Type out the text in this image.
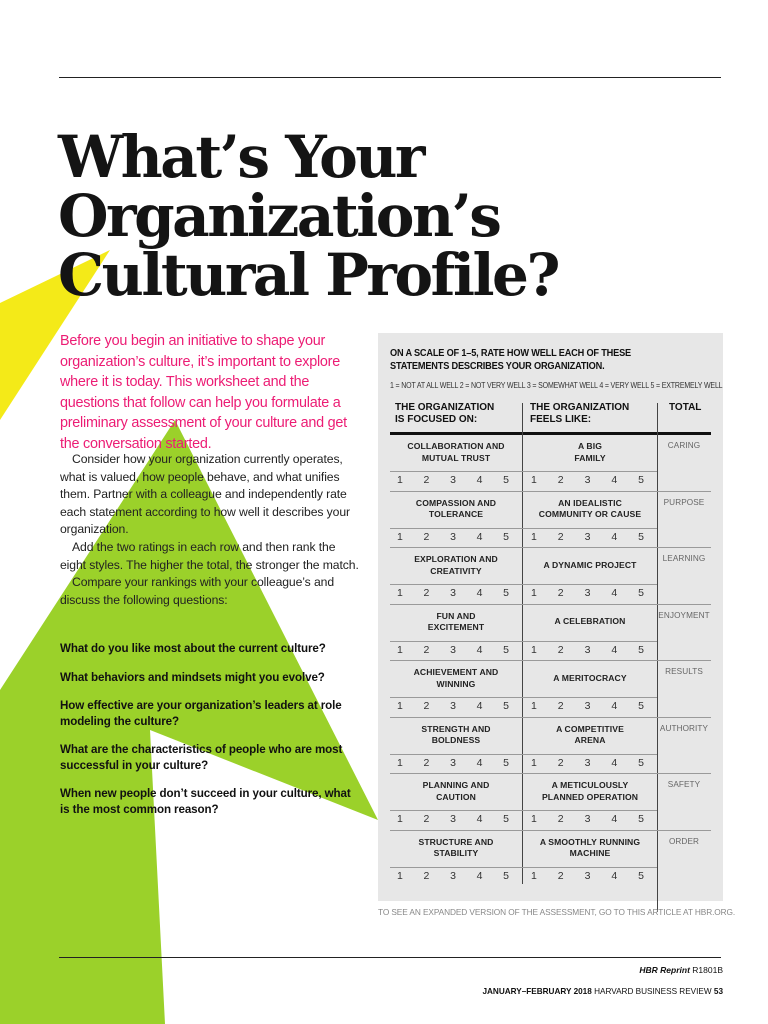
What’s Your
Organization’s
Cultural Profile?

Before you begin an initiative to shape your organization’s culture, it’s important to explore where it is today. This worksheet and the questions that follow can help you formulate a preliminary assessment of your culture and get the conversation started.

Consider how your organization currently operates, what is valued, how people behave, and what unifies them. Partner with a colleague and independently rate each statement according to how well it describes your organization.

Add the two ratings in each row and then rank the eight styles. The higher the total, the stronger the match.

Compare your rankings with your colleague’s and discuss the following questions:

What do you like most about the current culture?

What behaviors and mindsets might you evolve?

How effective are your organization’s leaders at role modeling the culture?

What are the characteristics of people who are most successful in your culture?

When new people don’t succeed in your culture, what is the most common reason?

ON A SCALE OF 1–5, RATE HOW WELL EACH OF THESE STATEMENTS DESCRIBES YOUR ORGANIZATION.

1 = NOT AT ALL WELL 2 = NOT VERY WELL 3 = SOMEWHAT WELL 4 = VERY WELL 5 = EXTREMELY WELL

THE ORGANIZATION
IS FOCUSED ON:
THE ORGANIZATION
FEELS LIKE:
TOTAL
COLLABORATION AND
MUTUAL TRUST
A BIG
FAMILY
CARING
1 2 3 4 5 1 2 3 4 5
COMPASSION AND
TOLERANCE
AN IDEALISTIC
COMMUNITY OR CAUSE
PURPOSE
1 2 3 4 5 1 2 3 4 5
EXPLORATION AND
CREATIVITY
A DYNAMIC PROJECT
LEARNING
1 2 3 4 5 1 2 3 4 5
FUN AND
EXCITEMENT
A CELEBRATION
ENJOYMENT
1 2 3 4 5 1 2 3 4 5
ACHIEVEMENT AND
WINNING
A MERITOCRACY
RESULTS
1 2 3 4 5 1 2 3 4 5
STRENGTH AND
BOLDNESS
A COMPETITIVE
ARENA
AUTHORITY
1 2 3 4 5 1 2 3 4 5
PLANNING AND
CAUTION
A METICULOUSLY
PLANNED OPERATION
SAFETY
1 2 3 4 5 1 2 3 4 5
STRUCTURE AND
STABILITY
A SMOOTHLY RUNNING
MACHINE
ORDER
1 2 3 4 5 1 2 3 4 5

TO SEE AN EXPANDED VERSION OF THE ASSESSMENT, GO TO THIS ARTICLE AT HBR.ORG.

HBR Reprint R1801B
JANUARY–FEBRUARY 2018 HARVARD BUSINESS REVIEW 53
